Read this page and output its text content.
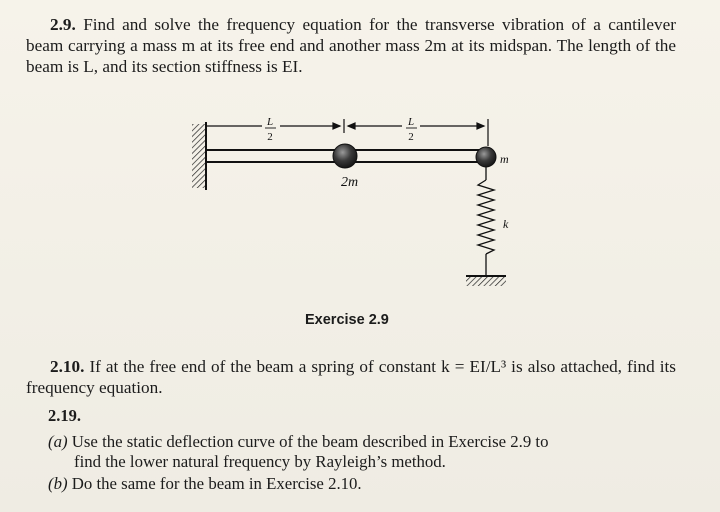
2.9. Find and solve the frequency equation for the transverse vibration of a cantilever beam carrying a mass m at its free end and another mass 2m at its midspan. The length of the beam is L, and its section stiffness is EI.

L
2
L
2
2m
m
k
Exercise 2.9

2.10. If at the free end of the beam a spring of constant k = EI/L³ is also attached, find its frequency equation.

2.19.

(a) Use the static deflection curve of the beam described in Exercise 2.9 to
find the lower natural frequency by Rayleigh’s method.

(b) Do the same for the beam in Exercise 2.10.
